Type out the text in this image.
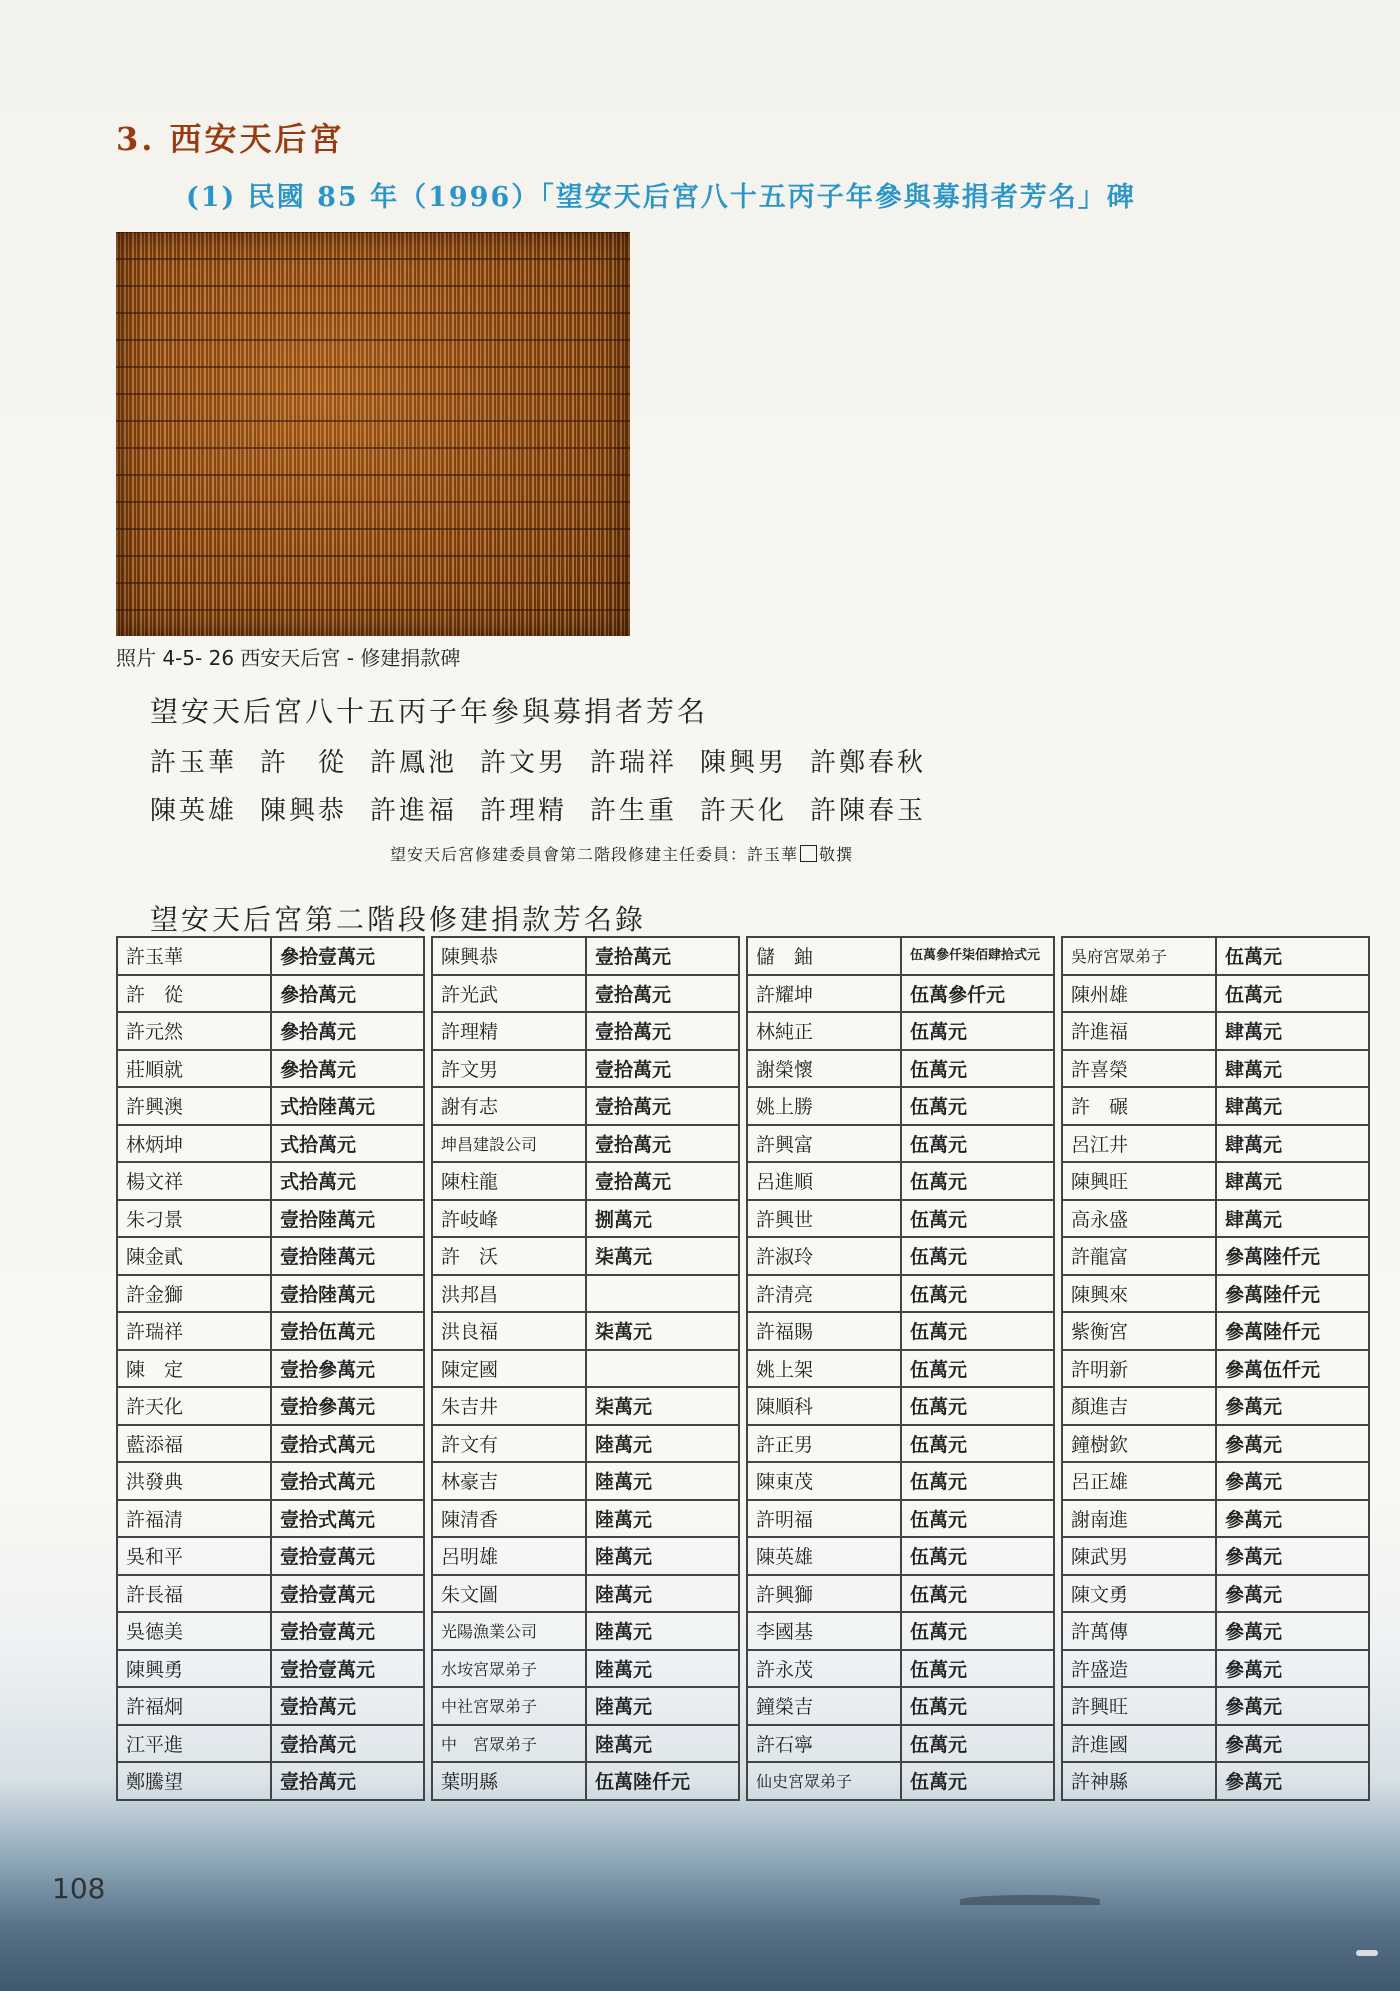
3. 西安天后宮
(1) 民國 85 年（1996）「望安天后宮八十五丙子年參與募捐者芳名」碑
照片 4-5- 26 西安天后宮 - 修建捐款碑
望安天后宮八十五丙子年參與募捐者芳名
許玉華 許　從 許鳳池 許文男 許瑞祥 陳興男 許鄭春秋
陳英雄 陳興恭 許進福 許理精 許生重 許天化 許陳春玉
望安天后宮修建委員會第二階段修建主任委員：許玉華 敬撰
望安天后宮第二階段修建捐款芳名錄
許玉華	參拾壹萬元
許　從	參拾萬元
許元然	參拾萬元
莊順就	參拾萬元
許興澳	式拾陸萬元
林炳坤	式拾萬元
楊文祥	式拾萬元
朱刁景	壹拾陸萬元
陳金貳	壹拾陸萬元
許金獅	壹拾陸萬元
許瑞祥	壹拾伍萬元
陳　定	壹拾參萬元
許天化	壹拾參萬元
藍添福	壹拾式萬元
洪發典	壹拾式萬元
許福清	壹拾式萬元
吳和平	壹拾壹萬元
許長福	壹拾壹萬元
吳德美	壹拾壹萬元
陳興勇	壹拾壹萬元
許福炯	壹拾萬元
江平進	壹拾萬元
鄭騰望	壹拾萬元
陳興恭	壹拾萬元
許光武	壹拾萬元
許理精	壹拾萬元
許文男	壹拾萬元
謝有志	壹拾萬元
坤昌建設公司	壹拾萬元
陳柱龍	壹拾萬元
許岐峰	捌萬元
許　沃	柒萬元
洪邦昌	
洪良福	柒萬元
陳定國	
朱吉井	柒萬元
許文有	陸萬元
林豪吉	陸萬元
陳清香	陸萬元
呂明雄	陸萬元
朱文圖	陸萬元
光陽漁業公司	陸萬元
水垵宮眾弟子	陸萬元
中社宮眾弟子	陸萬元
中　宮眾弟子	陸萬元
葉明縣	伍萬陸仟元
儲　鈾	伍萬參仟柒佰肆拾式元
許耀坤	伍萬參仟元
林純正	伍萬元
謝榮懷	伍萬元
姚上勝	伍萬元
許興富	伍萬元
呂進順	伍萬元
許興世	伍萬元
許淑玲	伍萬元
許清亮	伍萬元
許福賜	伍萬元
姚上架	伍萬元
陳順科	伍萬元
許正男	伍萬元
陳東茂	伍萬元
許明福	伍萬元
陳英雄	伍萬元
許興獅	伍萬元
李國基	伍萬元
許永茂	伍萬元
鐘榮吉	伍萬元
許石寧	伍萬元
仙史宮眾弟子	伍萬元
吳府宮眾弟子	伍萬元
陳州雄	伍萬元
許進福	肆萬元
許喜榮	肆萬元
許　碾	肆萬元
呂江井	肆萬元
陳興旺	肆萬元
高永盛	肆萬元
許龍富	參萬陸仟元
陳興來	參萬陸仟元
紫衡宮	參萬陸仟元
許明新	參萬伍仟元
顏進吉	參萬元
鐘樹欽	參萬元
呂正雄	參萬元
謝南進	參萬元
陳武男	參萬元
陳文勇	參萬元
許萬傳	參萬元
許盛造	參萬元
許興旺	參萬元
許進國	參萬元
許神縣	參萬元
108
